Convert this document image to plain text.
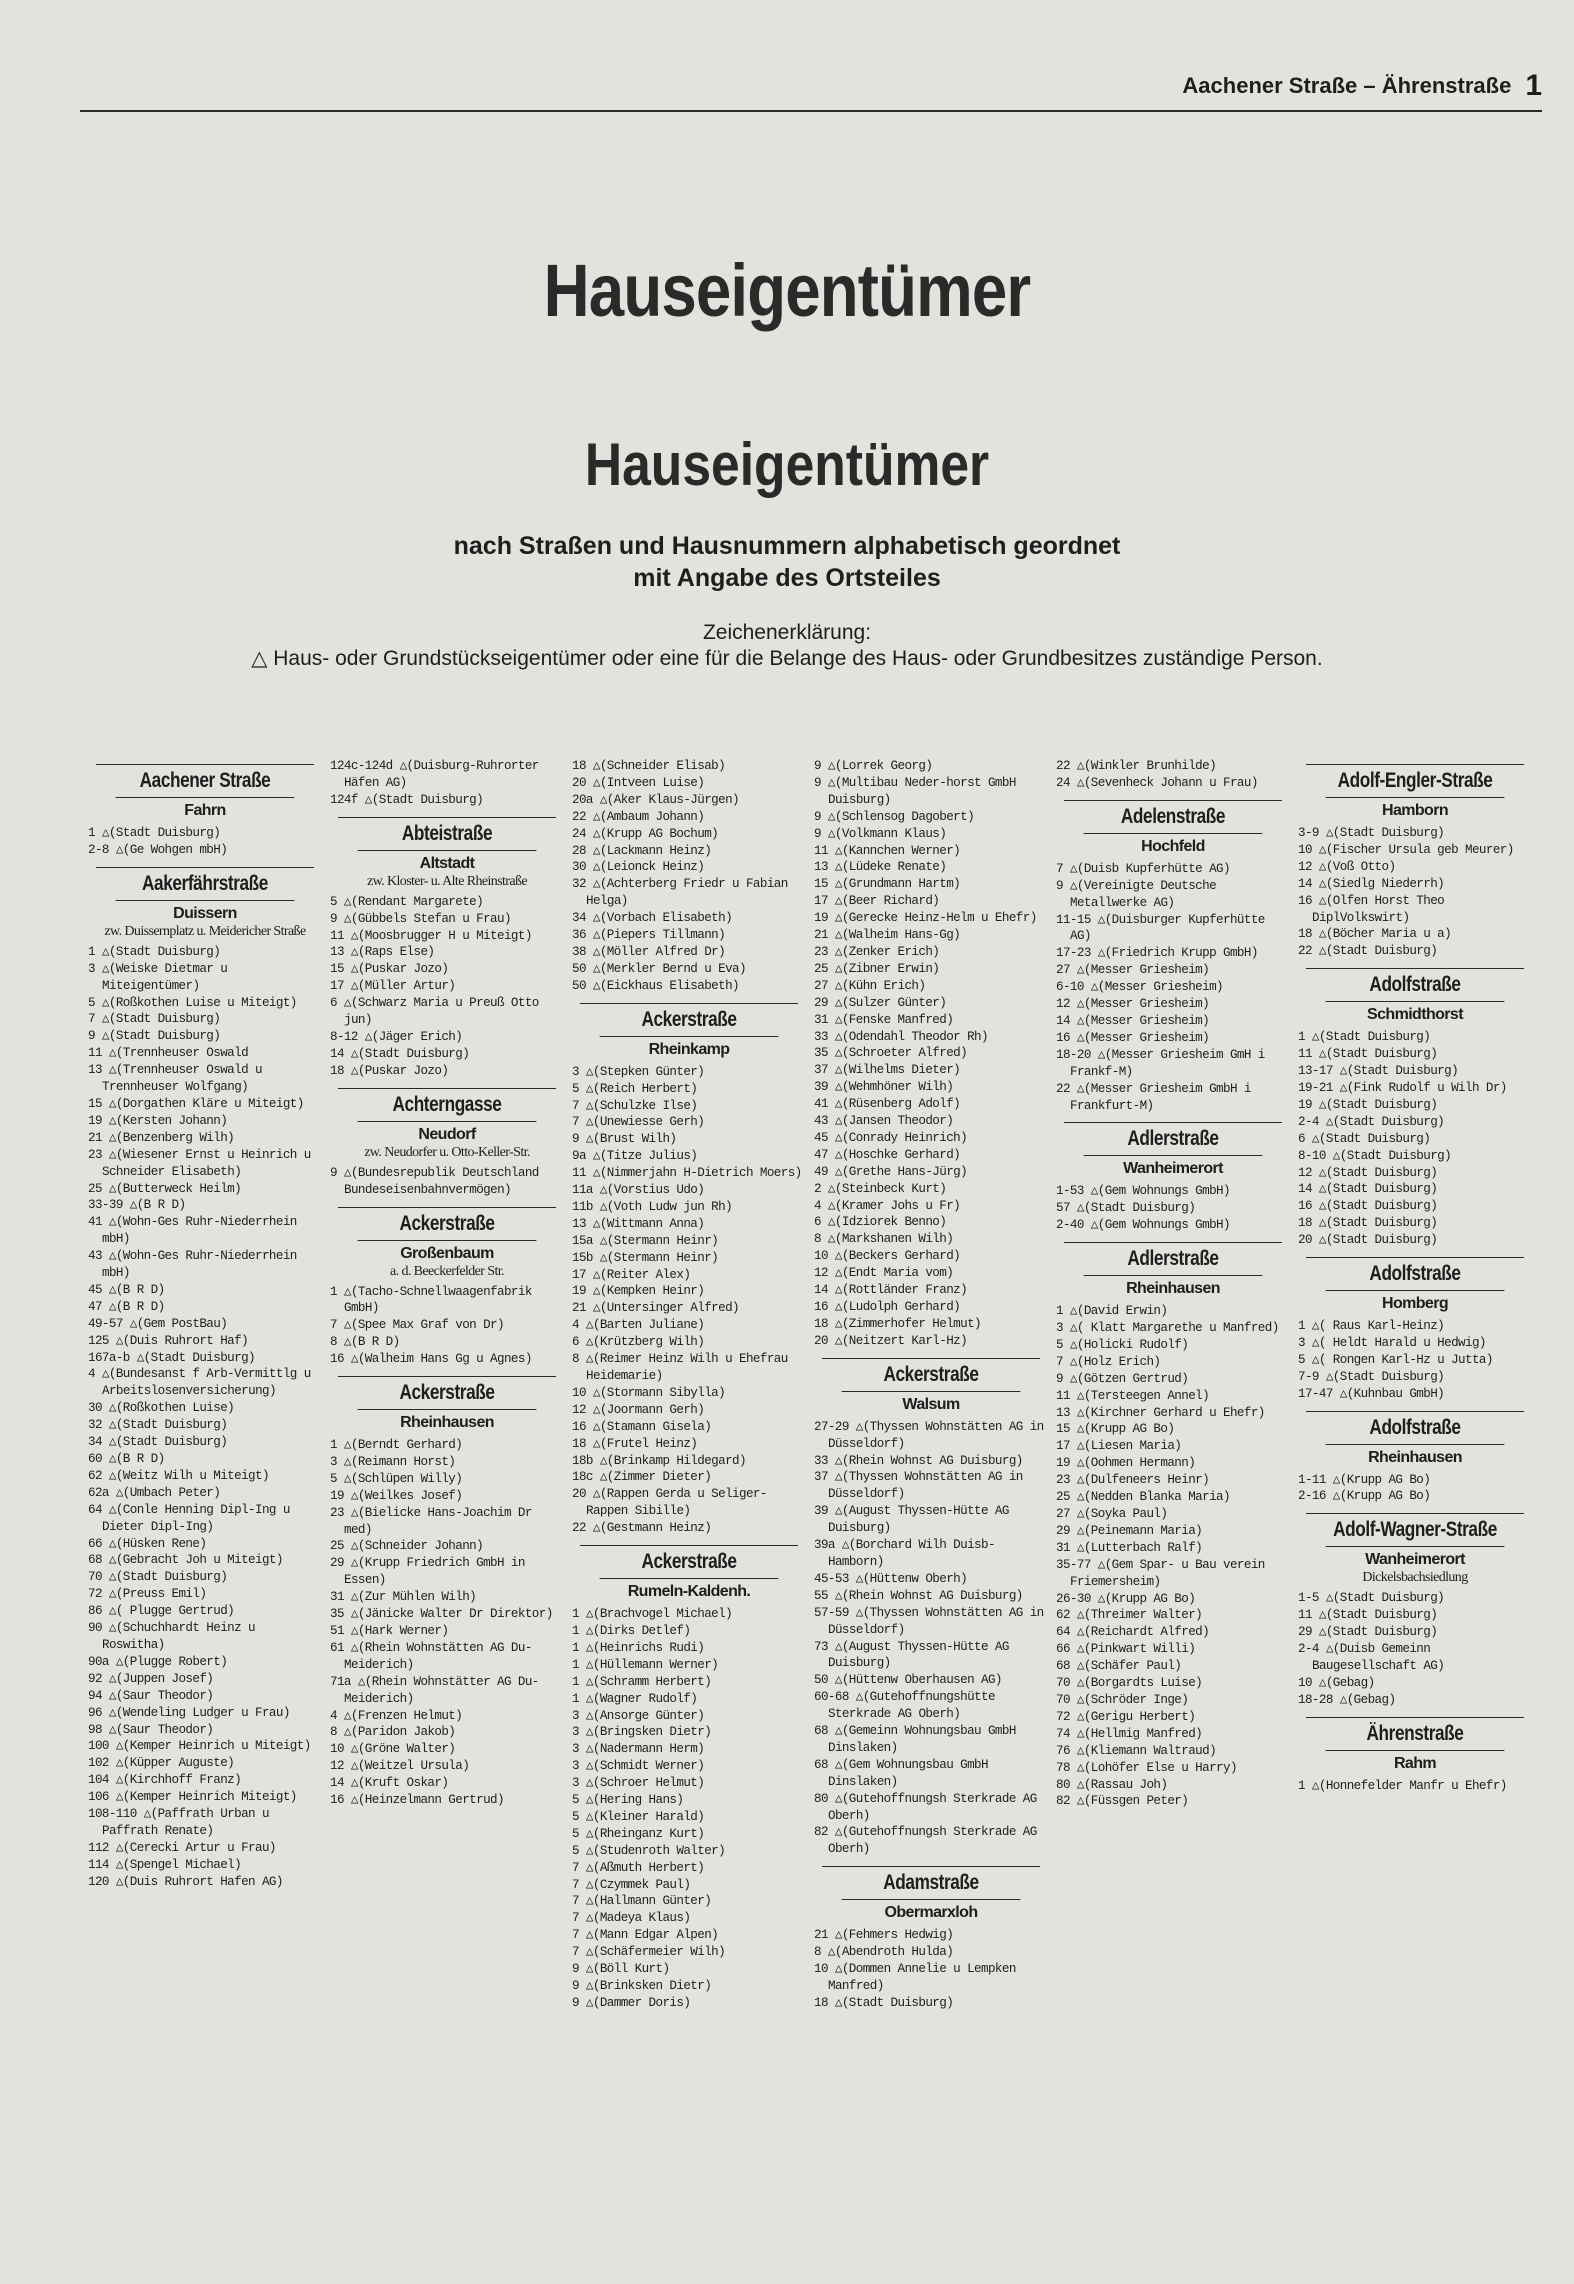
Aachener Straße – Ährenstraße 1
Hauseigentümer
Hauseigentümer
nach Straßen und Hausnummern alphabetisch geordnet
mit Angabe des Ortsteiles
Zeichenerklärung:
△ Haus- oder Grundstückseigentümer oder eine für die Belange des Haus- oder Grundbesitzes zuständige Person.
Aachener Straße
Fahrn
1 △(Stadt Duisburg)
2-8 △(Ge Wohgen mbH)
Aakerfährstraße
Duissern
zw. Duissernplatz u. Meidericher Straße
1 △(Stadt Duisburg)
3 △(Weiske Dietmar u Miteigentümer)
5 △(Roßkothen Luise u Miteigt)
7 △(Stadt Duisburg)
9 △(Stadt Duisburg)
11 △(Trennheuser Oswald
13 △(Trennheuser Oswald u Trennheuser Wolfgang)
15 △(Dorgathen Kläre u Miteigt)
19 △(Kersten Johann)
21 △(Benzenberg Wilh)
23 △(Wiesener Ernst u Heinrich u Schneider Elisabeth)
25 △(Butterweck Heilm)
33-39 △(B R D)
41 △(Wohn-Ges Ruhr-Niederrhein mbH)
43 △(Wohn-Ges Ruhr-Niederrhein mbH)
45 △(B R D)
47 △(B R D)
49-57 △(Gem PostBau)
125 △(Duis Ruhrort Haf)
167a-b △(Stadt Duisburg)
4 △(Bundesanst f Arb-Vermittlg u Arbeitslosenversicherung)
30 △(Roßkothen Luise)
32 △(Stadt Duisburg)
34 △(Stadt Duisburg)
60 △(B R D)
62 △(Weitz Wilh u Miteigt)
62a △(Umbach Peter)
64 △(Conle Henning Dipl-Ing u Dieter Dipl-Ing)
66 △(Hüsken Rene)
68 △(Gebracht Joh u Miteigt)
70 △(Stadt Duisburg)
72 △(Preuss Emil)
86 △( Plugge Gertrud)
90 △(Schuchhardt Heinz u Roswitha)
90a △(Plugge Robert)
92 △(Juppen Josef)
94 △(Saur Theodor)
96 △(Wendeling Ludger u Frau)
98 △(Saur Theodor)
100 △(Kemper Heinrich u Miteigt)
102 △(Küpper Auguste)
104 △(Kirchhoff Franz)
106 △(Kemper Heinrich Miteigt)
108-110 △(Paffrath Urban u Paffrath Renate)
112 △(Cerecki Artur u Frau)
114 △(Spengel Michael)
120 △(Duis Ruhrort Hafen AG)
124c-124d △(Duisburg-Ruhrorter Häfen AG)
124f △(Stadt Duisburg)
Abteistraße
Altstadt
zw. Kloster- u. Alte Rheinstraße
5 △(Rendant Margarete)
9 △(Gübbels Stefan u Frau)
11 △(Moosbrugger H u Miteigt)
13 △(Raps Else)
15 △(Puskar Jozo)
17 △(Müller Artur)
6 △(Schwarz Maria u Preuß Otto jun)
8-12 △(Jäger Erich)
14 △(Stadt Duisburg)
18 △(Puskar Jozo)
Achterngasse
Neudorf
zw. Neudorfer u. Otto-Keller-Str.
9 △(Bundesrepublik Deutschland Bundeseisenbahnvermögen)
Ackerstraße
Großenbaum
a. d. Beeckerfelder Str.
1 △(Tacho-Schnellwaagenfabrik GmbH)
7 △(Spee Max Graf von Dr)
8 △(B R D)
16 △(Walheim Hans Gg u Agnes)
Ackerstraße
Rheinhausen
1 △(Berndt Gerhard)
3 △(Reimann Horst)
5 △(Schlüpen Willy)
19 △(Weilkes Josef)
23 △(Bielicke Hans-Joachim Dr med)
25 △(Schneider Johann)
29 △(Krupp Friedrich GmbH in Essen)
31 △(Zur Mühlen Wilh)
35 △(Jänicke Walter Dr Direktor)
51 △(Hark Werner)
61 △(Rhein Wohnstätten AG Du-Meiderich)
71a △(Rhein Wohnstätter AG Du-Meiderich)
4 △(Frenzen Helmut)
8 △(Paridon Jakob)
10 △(Gröne Walter)
12 △(Weitzel Ursula)
14 △(Kruft Oskar)
16 △(Heinzelmann Gertrud)
18 △(Schneider Elisab)
20 △(Intveen Luise)
20a △(Aker Klaus-Jürgen)
22 △(Ambaum Johann)
24 △(Krupp AG Bochum)
28 △(Lackmann Heinz)
30 △(Leionck Heinz)
32 △(Achterberg Friedr u Fabian Helga)
34 △(Vorbach Elisabeth)
36 △(Piepers Tillmann)
38 △(Möller Alfred Dr)
50 △(Merkler Bernd u Eva)
50 △(Eickhaus Elisabeth)
Ackerstraße
Rheinkamp
3 △(Stepken Günter)
5 △(Reich Herbert)
7 △(Schulzke Ilse)
7 △(Unewiesse Gerh)
9 △(Brust Wilh)
9a △(Titze Julius)
11 △(Nimmerjahn H-Dietrich Moers)
11a △(Vorstius Udo)
11b △(Voth Ludw jun Rh)
13 △(Wittmann Anna)
15a △(Stermann Heinr)
15b △(Stermann Heinr)
17 △(Reiter Alex)
19 △(Kempken Heinr)
21 △(Untersinger Alfred)
4 △(Barten Juliane)
6 △(Krützberg Wilh)
8 △(Reimer Heinz Wilh u Ehefrau Heidemarie)
10 △(Stormann Sibylla)
12 △(Joormann Gerh)
16 △(Stamann Gisela)
18 △(Frutel Heinz)
18b △(Brinkamp Hildegard)
18c △(Zimmer Dieter)
20 △(Rappen Gerda u Seliger-Rappen Sibille)
22 △(Gestmann Heinz)
Ackerstraße
Rumeln-Kaldenh.
1 △(Brachvogel Michael)
1 △(Dirks Detlef)
1 △(Heinrichs Rudi)
1 △(Hüllemann Werner)
1 △(Schramm Herbert)
1 △(Wagner Rudolf)
3 △(Ansorge Günter)
3 △(Bringsken Dietr)
3 △(Nadermann Herm)
3 △(Schmidt Werner)
3 △(Schroer Helmut)
5 △(Hering Hans)
5 △(Kleiner Harald)
5 △(Rheinganz Kurt)
5 △(Studenroth Walter)
7 △(Aßmuth Herbert)
7 △(Czymmek Paul)
7 △(Hallmann Günter)
7 △(Madeya Klaus)
7 △(Mann Edgar Alpen)
7 △(Schäfermeier Wilh)
9 △(Böll Kurt)
9 △(Brinksken Dietr)
9 △(Dammer Doris)
9 △(Lorrek Georg)
9 △(Multibau Neder-horst GmbH Duisburg)
9 △(Schlensog Dagobert)
9 △(Volkmann Klaus)
11 △(Kannchen Werner)
13 △(Lüdeke Renate)
15 △(Grundmann Hartm)
17 △(Beer Richard)
19 △(Gerecke Heinz-Helm u Ehefr)
21 △(Walheim Hans-Gg)
23 △(Zenker Erich)
25 △(Zibner Erwin)
27 △(Kühn Erich)
29 △(Sulzer Günter)
31 △(Fenske Manfred)
33 △(Odendahl Theodor Rh)
35 △(Schroeter Alfred)
37 △(Wilhelms Dieter)
39 △(Wehmhöner Wilh)
41 △(Rüsenberg Adolf)
43 △(Jansen Theodor)
45 △(Conrady Heinrich)
47 △(Hoschke Gerhard)
49 △(Grethe Hans-Jürg)
2 △(Steinbeck Kurt)
4 △(Kramer Johs u Fr)
6 △(Idziorek Benno)
8 △(Markshanen Wilh)
10 △(Beckers Gerhard)
12 △(Endt Maria vom)
14 △(Rottländer Franz)
16 △(Ludolph Gerhard)
18 △(Zimmerhofer Helmut)
20 △(Neitzert Karl-Hz)
Ackerstraße
Walsum
27-29 △(Thyssen Wohnstätten AG in Düsseldorf)
33 △(Rhein Wohnst AG Duisburg)
37 △(Thyssen Wohnstätten AG in Düsseldorf)
39 △(August Thyssen-Hütte AG Duisburg)
39a △(Borchard Wilh Duisb-Hamborn)
45-53 △(Hüttenw Oberh)
55 △(Rhein Wohnst AG Duisburg)
57-59 △(Thyssen Wohnstätten AG in Düsseldorf)
73 △(August Thyssen-Hütte AG Duisburg)
50 △(Hüttenw Oberhausen AG)
60-68 △(Gutehoffnungshütte Sterkrade AG Oberh)
68 △(Gemeinn Wohnungsbau GmbH Dinslaken)
68 △(Gem Wohnungsbau GmbH Dinslaken)
80 △(Gutehoffnungsh Sterkrade AG Oberh)
82 △(Gutehoffnungsh Sterkrade AG Oberh)
Adamstraße
Obermarxloh
21 △(Fehmers Hedwig)
8 △(Abendroth Hulda)
10 △(Dommen Annelie u Lempken Manfred)
18 △(Stadt Duisburg)
22 △(Winkler Brunhilde)
24 △(Sevenheck Johann u Frau)
Adelenstraße
Hochfeld
7 △(Duisb Kupferhütte AG)
9 △(Vereinigte Deutsche Metallwerke AG)
11-15 △(Duisburger Kupferhütte AG)
17-23 △(Friedrich Krupp GmbH)
27 △(Messer Griesheim)
6-10 △(Messer Griesheim)
12 △(Messer Griesheim)
14 △(Messer Griesheim)
16 △(Messer Griesheim)
18-20 △(Messer Griesheim GmH i Frankf-M)
22 △(Messer Griesheim GmbH i Frankfurt-M)
Adlerstraße
Wanheimerort
1-53 △(Gem Wohnungs GmbH)
57 △(Stadt Duisburg)
2-40 △(Gem Wohnungs GmbH)
Adlerstraße
Rheinhausen
1 △(David Erwin)
3 △( Klatt Margarethe u Manfred)
5 △(Holicki Rudolf)
7 △(Holz Erich)
9 △(Götzen Gertrud)
11 △(Tersteegen Annel)
13 △(Kirchner Gerhard u Ehefr)
15 △(Krupp AG Bo)
17 △(Liesen Maria)
19 △(Oohmen Hermann)
23 △(Dulfeneers Heinr)
25 △(Nedden Blanka Maria)
27 △(Soyka Paul)
29 △(Peinemann Maria)
31 △(Lutterbach Ralf)
35-77 △(Gem Spar- u Bau verein Friemersheim)
26-30 △(Krupp AG Bo)
62 △(Threimer Walter)
64 △(Reichardt Alfred)
66 △(Pinkwart Willi)
68 △(Schäfer Paul)
70 △(Borgardts Luise)
70 △(Schröder Inge)
72 △(Gerigu Herbert)
74 △(Hellmig Manfred)
76 △(Kliemann Waltraud)
78 △(Lohöfer Else u Harry)
80 △(Rassau Joh)
82 △(Füssgen Peter)
Adolf-Engler-Straße
Hamborn
3-9 △(Stadt Duisburg)
10 △(Fischer Ursula geb Meurer)
12 △(Voß Otto)
14 △(Siedlg Niederrh)
16 △(Olfen Horst Theo DiplVolkswirt)
18 △(Böcher Maria u a)
22 △(Stadt Duisburg)
Adolfstraße
Schmidthorst
1 △(Stadt Duisburg)
11 △(Stadt Duisburg)
13-17 △(Stadt Duisburg)
19-21 △(Fink Rudolf u Wilh Dr)
19 △(Stadt Duisburg)
2-4 △(Stadt Duisburg)
6 △(Stadt Duisburg)
8-10 △(Stadt Duisburg)
12 △(Stadt Duisburg)
14 △(Stadt Duisburg)
16 △(Stadt Duisburg)
18 △(Stadt Duisburg)
20 △(Stadt Duisburg)
Adolfstraße
Homberg
1 △( Raus Karl-Heinz)
3 △( Heldt Harald u Hedwig)
5 △( Rongen Karl-Hz u Jutta)
7-9 △(Stadt Duisburg)
17-47 △(Kuhnbau GmbH)
Adolfstraße
Rheinhausen
1-11 △(Krupp AG Bo)
2-16 △(Krupp AG Bo)
Adolf-Wagner-Straße
Wanheimerort
Dickelsbachsiedlung
1-5 △(Stadt Duisburg)
11 △(Stadt Duisburg)
29 △(Stadt Duisburg)
2-4 △(Duisb Gemeinn Baugesellschaft AG)
10 △(Gebag)
18-28 △(Gebag)
Ährenstraße
Rahm
1 △(Honnefelder Manfr u Ehefr)
